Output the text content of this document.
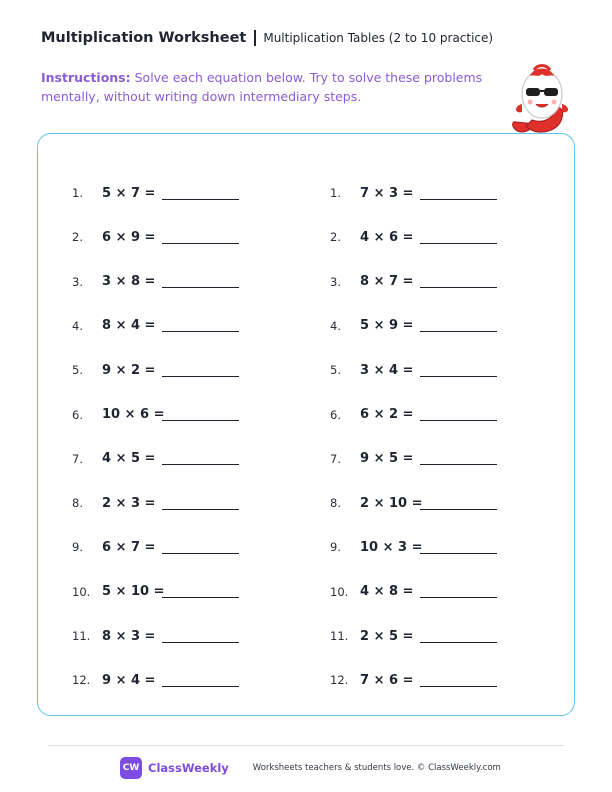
Multiplication Worksheet Multiplication Tables (2 to 10 practice)
Instructions: Solve each equation below. Try to solve these problems mentally, without writing down intermediary steps.
1.	5 × 7 =
2.	6 × 9 =
3.	3 × 8 =
4.	8 × 4 =
5.	9 × 2 =
6.	10 × 6 =
7.	4 × 5 =
8.	2 × 3 =
9.	6 × 7 =
10. 5 × 10 =
11. 8 × 3 =
12. 9 × 4 =
1.	7 × 3 =
2.	4 × 6 =
3.	8 × 7 =
4.	5 × 9 =
5.	3 × 4 =
6.	6 × 2 =
7.	9 × 5 =
8.	2 × 10 =
9.	10 × 3 =
10. 4 × 8 =
11. 2 × 5 =
12. 7 × 6 =
CW ClassWeekly	Worksheets teachers & students love. © ClassWeekly.com
